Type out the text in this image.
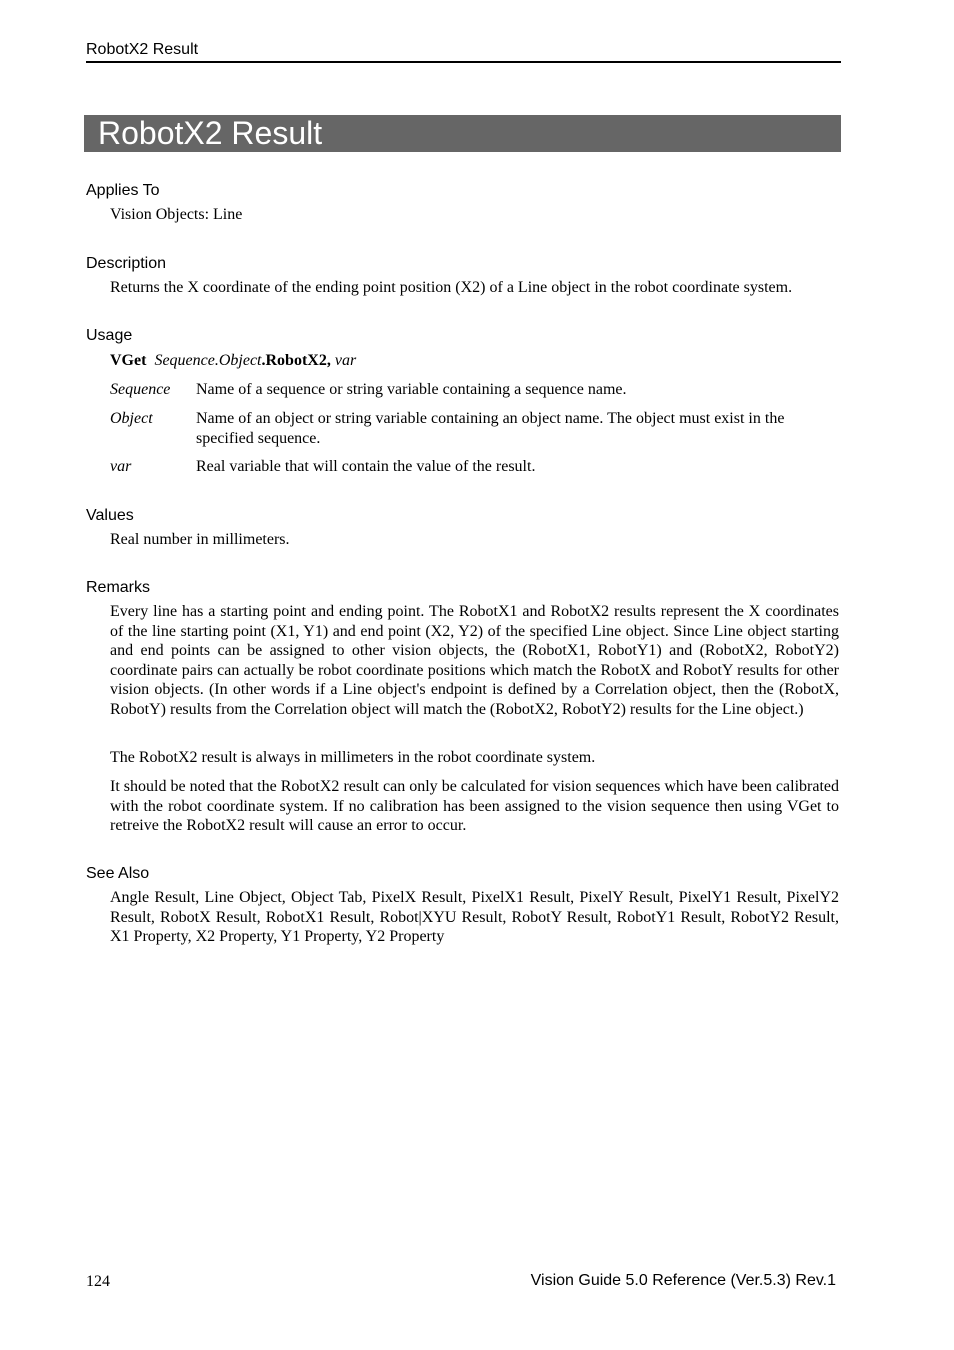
RobotX2 Result
RobotX2 Result
Applies To
Vision Objects: Line
Description
Returns the X coordinate of the ending point position (X2) of a Line object in the robot coordinate system.
Usage
VGet Sequence.Object.RobotX2, var
Sequence Name of a sequence or string variable containing a sequence name.
Object	Name of an object or string variable containing an object name. The object must exist in the specified sequence.
var	Real variable that will contain the value of the result.
Values
Real number in millimeters.
Remarks
Every line has a starting point and ending point. The RobotX1 and RobotX2 results represent the X coordinates of the line starting point (X1, Y1) and end point (X2, Y2) of the specified Line object. Since Line object starting and end points can be assigned to other vision objects, the (RobotX1, RobotY1) and (RobotX2, RobotY2) coordinate pairs can actually be robot coordinate positions which match the RobotX and RobotY results for other vision objects. (In other words if a Line object's endpoint is defined by a Correlation object, then the (RobotX, RobotY) results from the Correlation object will match the (RobotX2, RobotY2) results for the Line object.)
The RobotX2 result is always in millimeters in the robot coordinate system.
It should be noted that the RobotX2 result can only be calculated for vision sequences which have been calibrated with the robot coordinate system. If no calibration has been assigned to the vision sequence then using VGet to retreive the RobotX2 result will cause an error to occur.
See Also
Angle Result, Line Object, Object Tab, PixelX Result, PixelX1 Result, PixelY Result, PixelY1 Result, PixelY2 Result, RobotX Result, RobotX1 Result, Robot|XYU Result, RobotY Result, RobotY1 Result, RobotY2 Result, X1 Property, X2 Property, Y1 Property, Y2 Property
124	Vision Guide 5.0 Reference (Ver.5.3) Rev.1
